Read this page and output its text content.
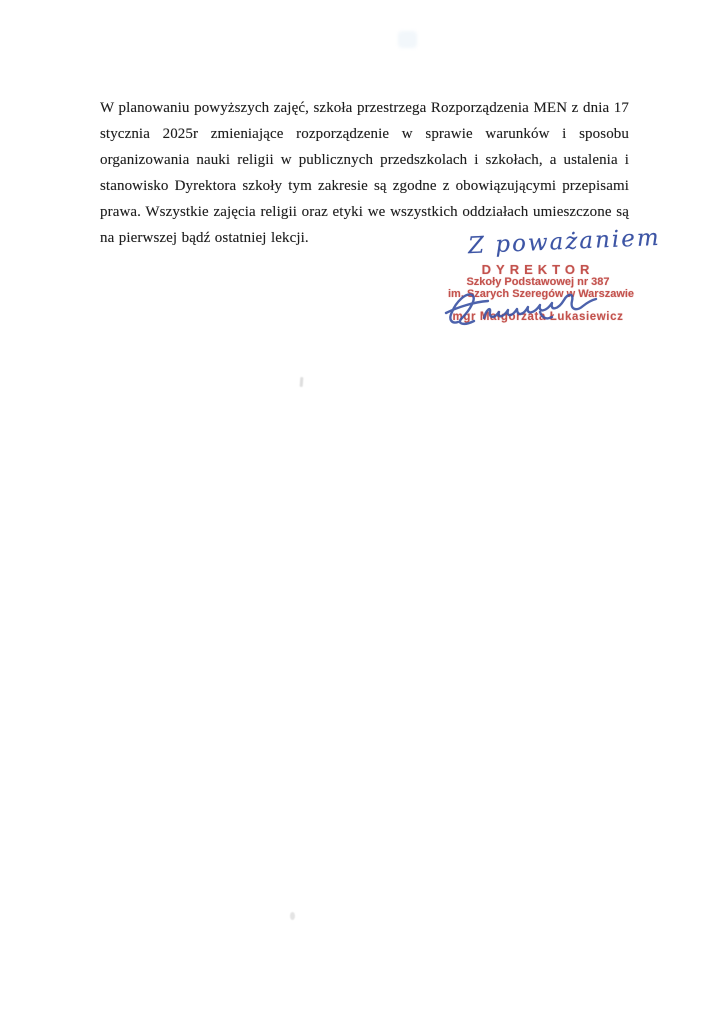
W planowaniu powyższych zajęć, szkoła przestrzega Rozporządzenia MEN z dnia 17 stycznia 2025r zmieniające rozporządzenie w sprawie warunków i sposobu organizowania nauki religii w publicznych przedszkolach i szkołach, a ustalenia i stanowisko Dyrektora szkoły tym zakresie są zgodne z obowiązującymi przepisami prawa. Wszystkie zajęcia religii oraz etyki we wszystkich oddziałach umieszczone są na pierwszej bądź ostatniej lekcji.	Z poważaniem
DYREKTOR
Szkoły Podstawowej nr 387
im. Szarych Szeregów w Warszawie
mgr Małgorzata Łukasiewicz
